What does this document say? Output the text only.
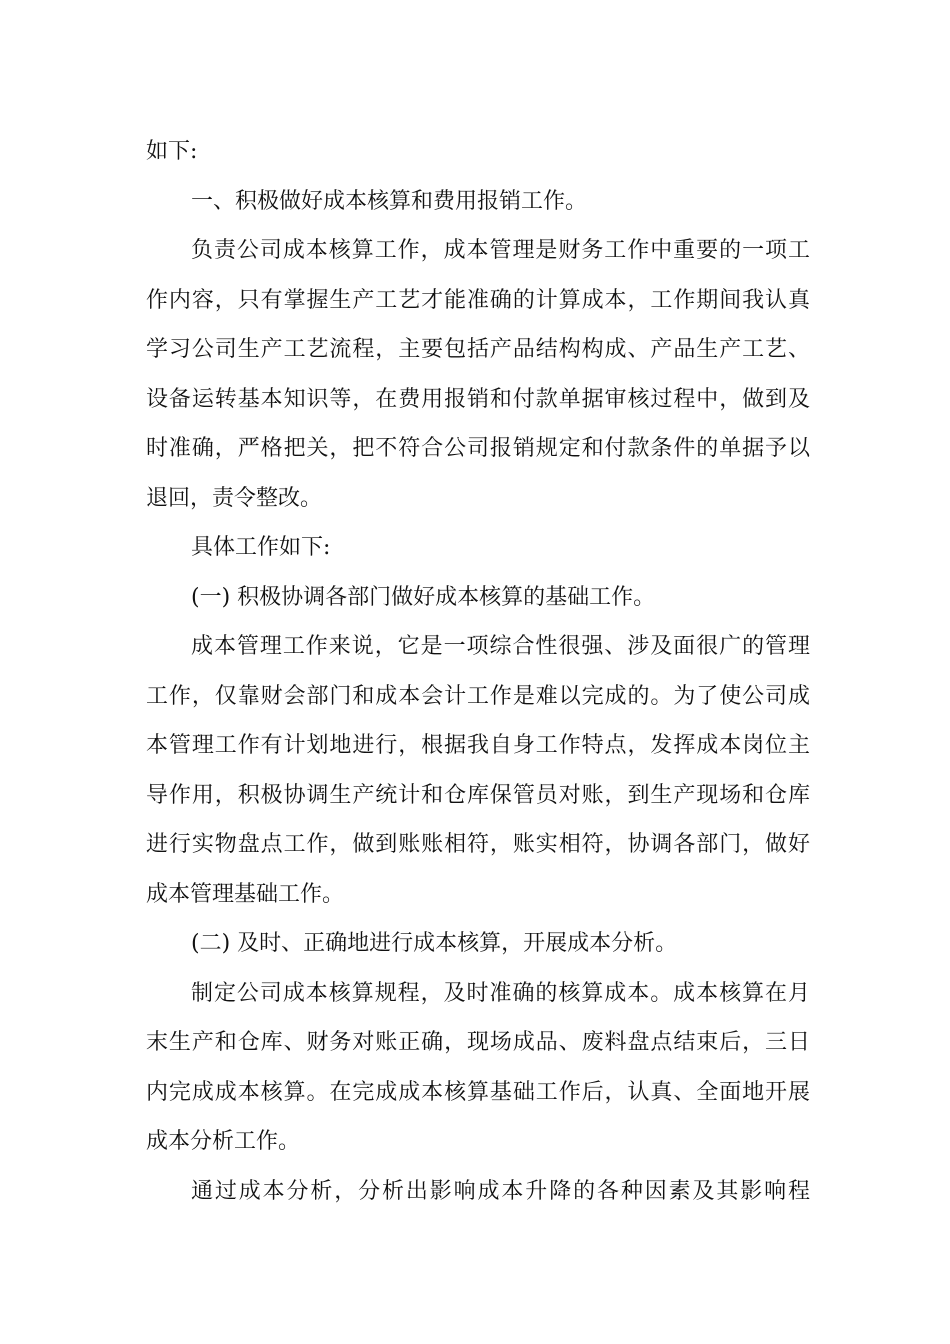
如下:
一、积极做好成本核算和费用报销工作。
负责公司成本核算工作，成本管理是财务工作中重要的一项工
作内容，只有掌握生产工艺才能准确的计算成本，工作期间我认真
学习公司生产工艺流程，主要包括产品结构构成、产品生产工艺、
设备运转基本知识等，在费用报销和付款单据审核过程中，做到及
时准确，严格把关，把不符合公司报销规定和付款条件的单据予以
退回，责令整改。
具体工作如下:
(一) 积极协调各部门做好成本核算的基础工作。
成本管理工作来说，它是一项综合性很强、涉及面很广的管理
工作，仅靠财会部门和成本会计工作是难以完成的。为了使公司成
本管理工作有计划地进行，根据我自身工作特点，发挥成本岗位主
导作用，积极协调生产统计和仓库保管员对账，到生产现场和仓库
进行实物盘点工作，做到账账相符，账实相符，协调各部门，做好
成本管理基础工作。
(二) 及时、正确地进行成本核算，开展成本分析。
制定公司成本核算规程，及时准确的核算成本。成本核算在月
末生产和仓库、财务对账正确，现场成品、废料盘点结束后，三日
内完成成本核算。在完成成本核算基础工作后，认真、全面地开展
成本分析工作。
通过成本分析，分析出影响成本升降的各种因素及其影响程
